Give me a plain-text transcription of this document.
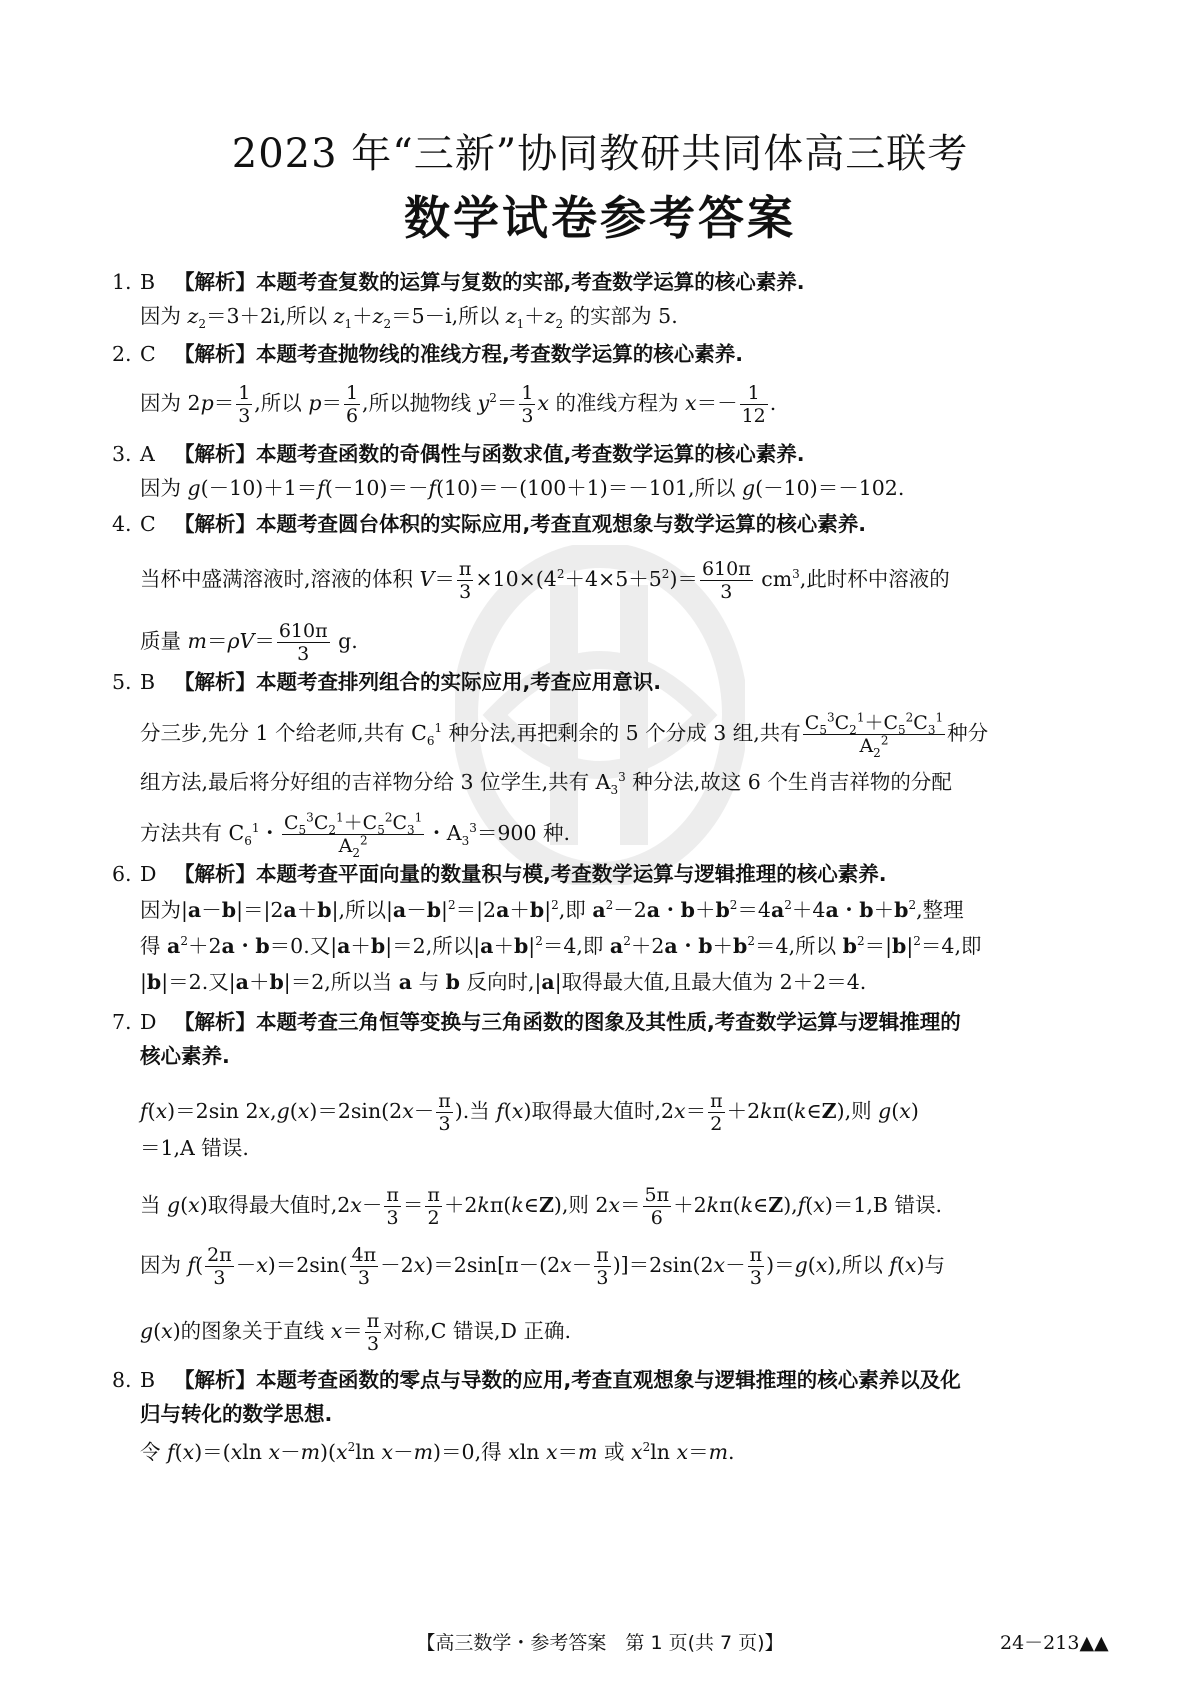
2023 年“三新”协同教研共同体高三联考
数学试卷参考答案
1. B 【解析】本题考查复数的运算与复数的实部,考查数学运算的核心素养.
因为 $z_2=3+2i$,所以 $z_1+z_2=5-i$,所以 $z_1+z_2$ 的实部为 5.
2. C 【解析】本题考查抛物线的准线方程,考查数学运算的核心素养.
因为 $2p= \frac{1}{3}$ ,所以 $p= \frac{1}{6}$ ,所以抛物线 $y^2= \frac{1}{3}$ x 的准线方程为 $x=- \frac{1}{12}$ .
3. A 【解析】本题考查函数的奇偶性与函数求值,考查数学运算的核心素养.
因为 g(－10)＋1＝f(－10)＝－f(10)＝－(100＋1)＝－101,所以 g(－10)＝－102.
4. C 【解析】本题考查圆台体积的实际应用,考查直观想象与数学运算的核心素养.
当杯中盛满溶液时,溶液的体积 $V= \frac{\pi}{3} \times 10\times(4^2+4\times 5+5^2)= \frac{610\pi}{3} cm^3$,此时杯中溶液的
质量 $m=\rho V= \frac{610\pi}{3} g$.
5. B 【解析】本题考查排列组合的实际应用,考查应用意识.
分三步,先分 1 个给老师,共有 $C_6^1$ 种分法,再把剩余的 5 个分成 3 组,共有 $\frac{C_5^3C_2^1+C_5^2C_3^1}{A_2^2}$ 种分
组方法,最后将分好组的吉祥物分给 3 位学生,共有 $A_3^3$ 种分法,故这 6 个生肖吉祥物的分配
方法共有 $C_6^1$・ $\frac{C_5^3C_2^1+C_5^2C_3^1}{A_2^2}$ ・$A_3^3=900$ 种.
6. D 【解析】本题考查平面向量的数量积与模,考查数学运算与逻辑推理的核心素养.
因为|a－b|＝|2a＋b|,所以$|a-b|^2=|2a+b|^2$,即 $a^2-2a$・$b+b^2=4a^2+4a$・$b+b^2$,整理
得 $a^2+2a$・b＝0.又|a＋b|＝2,所以$|a+b|^2=4$,即 $a^2+2a$・$b+b^2=4$,所以 $b^2=|b|^2=4$,即
|b|＝2.又|a＋b|＝2,所以当 a 与 b 反向时,|a|取得最大值,且最大值为 2＋2＝4.
7. D 【解析】本题考查三角恒等变换与三角函数的图象及其性质,考查数学运算与逻辑推理的
核心素养.
f(x)＝2sin $2x,g(x)=2\sin(2x- \frac{\pi}{3}$ ).当 f(x)取得最大值时$,2x= \frac{\pi}{2}$ ＋2kπ(k∈Z),则 g(x)
＝1,A 错误.
当 g(x)取得最大值时$,2x- \frac{\pi}{3} = \frac{\pi}{2}$ ＋2kπ(k∈Z),则 $2x= \frac{5\pi}{6}$ ＋2kπ(k∈Z),f(x)＝1,B 错误.
因为 $f( \frac{2\pi}{3} -x)=2\sin( \frac{4\pi}{3} -2x)=2\sin[\pi-(2x- \frac{\pi}{3} )]=2\sin(2x- \frac{\pi}{3} )=g(x)$,所以 f(x)与
g(x)的图象关于直线 $x= \frac{\pi}{3}$ 对称,C 错误,D 正确.
8. B 【解析】本题考查函数的零点与导数的应用,考查直观想象与逻辑推理的核心素养以及化
归与转化的数学思想.
令 f(x)＝(xln $x-m)(x^2\ln$ x－m)＝0,得 xln x＝m 或 $x^2\ln$ x＝m.
【高三数学・参考答案　第 1 页(共 7 页)】	24－213▲▲
